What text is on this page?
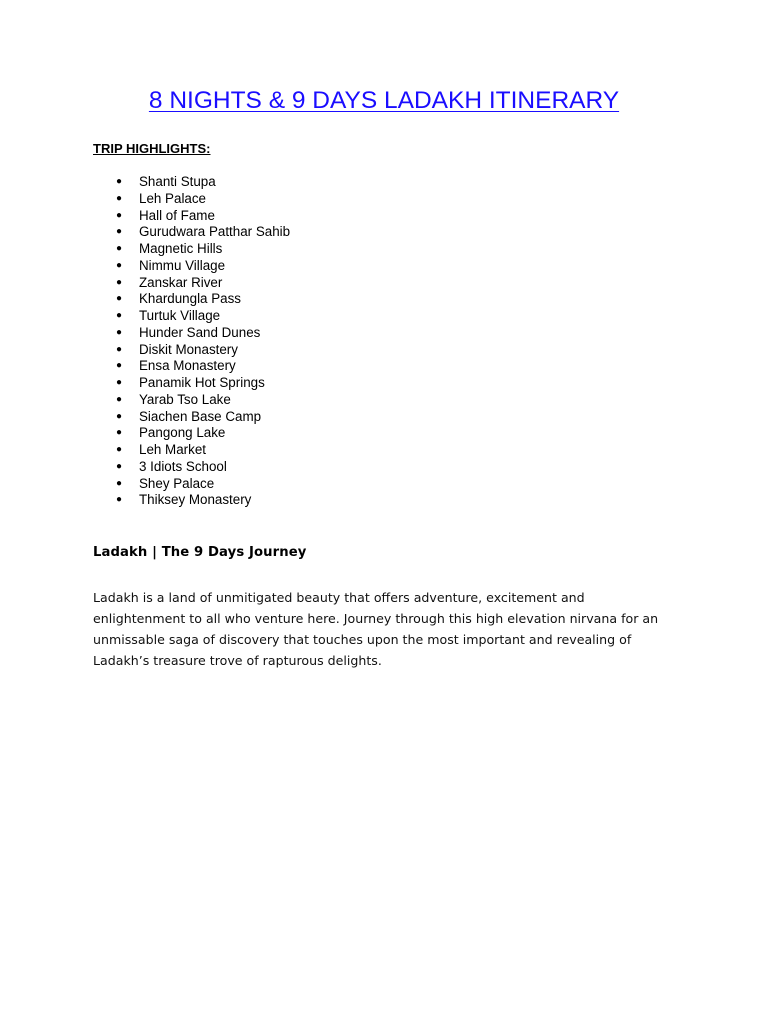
8 NIGHTS & 9 DAYS LADAKH ITINERARY
TRIP HIGHLIGHTS:
● Shanti Stupa
● Leh Palace
● Hall of Fame
● Gurudwara Patthar Sahib
● Magnetic Hills
● Nimmu Village
● Zanskar River
● Khardungla Pass
● Turtuk Village
● Hunder Sand Dunes
● Diskit Monastery
● Ensa Monastery
● Panamik Hot Springs
● Yarab Tso Lake
● Siachen Base Camp
● Pangong Lake
● Leh Market
● 3 Idiots School
● Shey Palace
● Thiksey Monastery
Ladakh | The 9 Days Journey

Ladakh is a land of unmitigated beauty that offers adventure, excitement and enlightenment to all who venture here. Journey through this high elevation nirvana for an unmissable saga of discovery that touches upon the most important and revealing of Ladakh’s treasure trove of rapturous delights.
